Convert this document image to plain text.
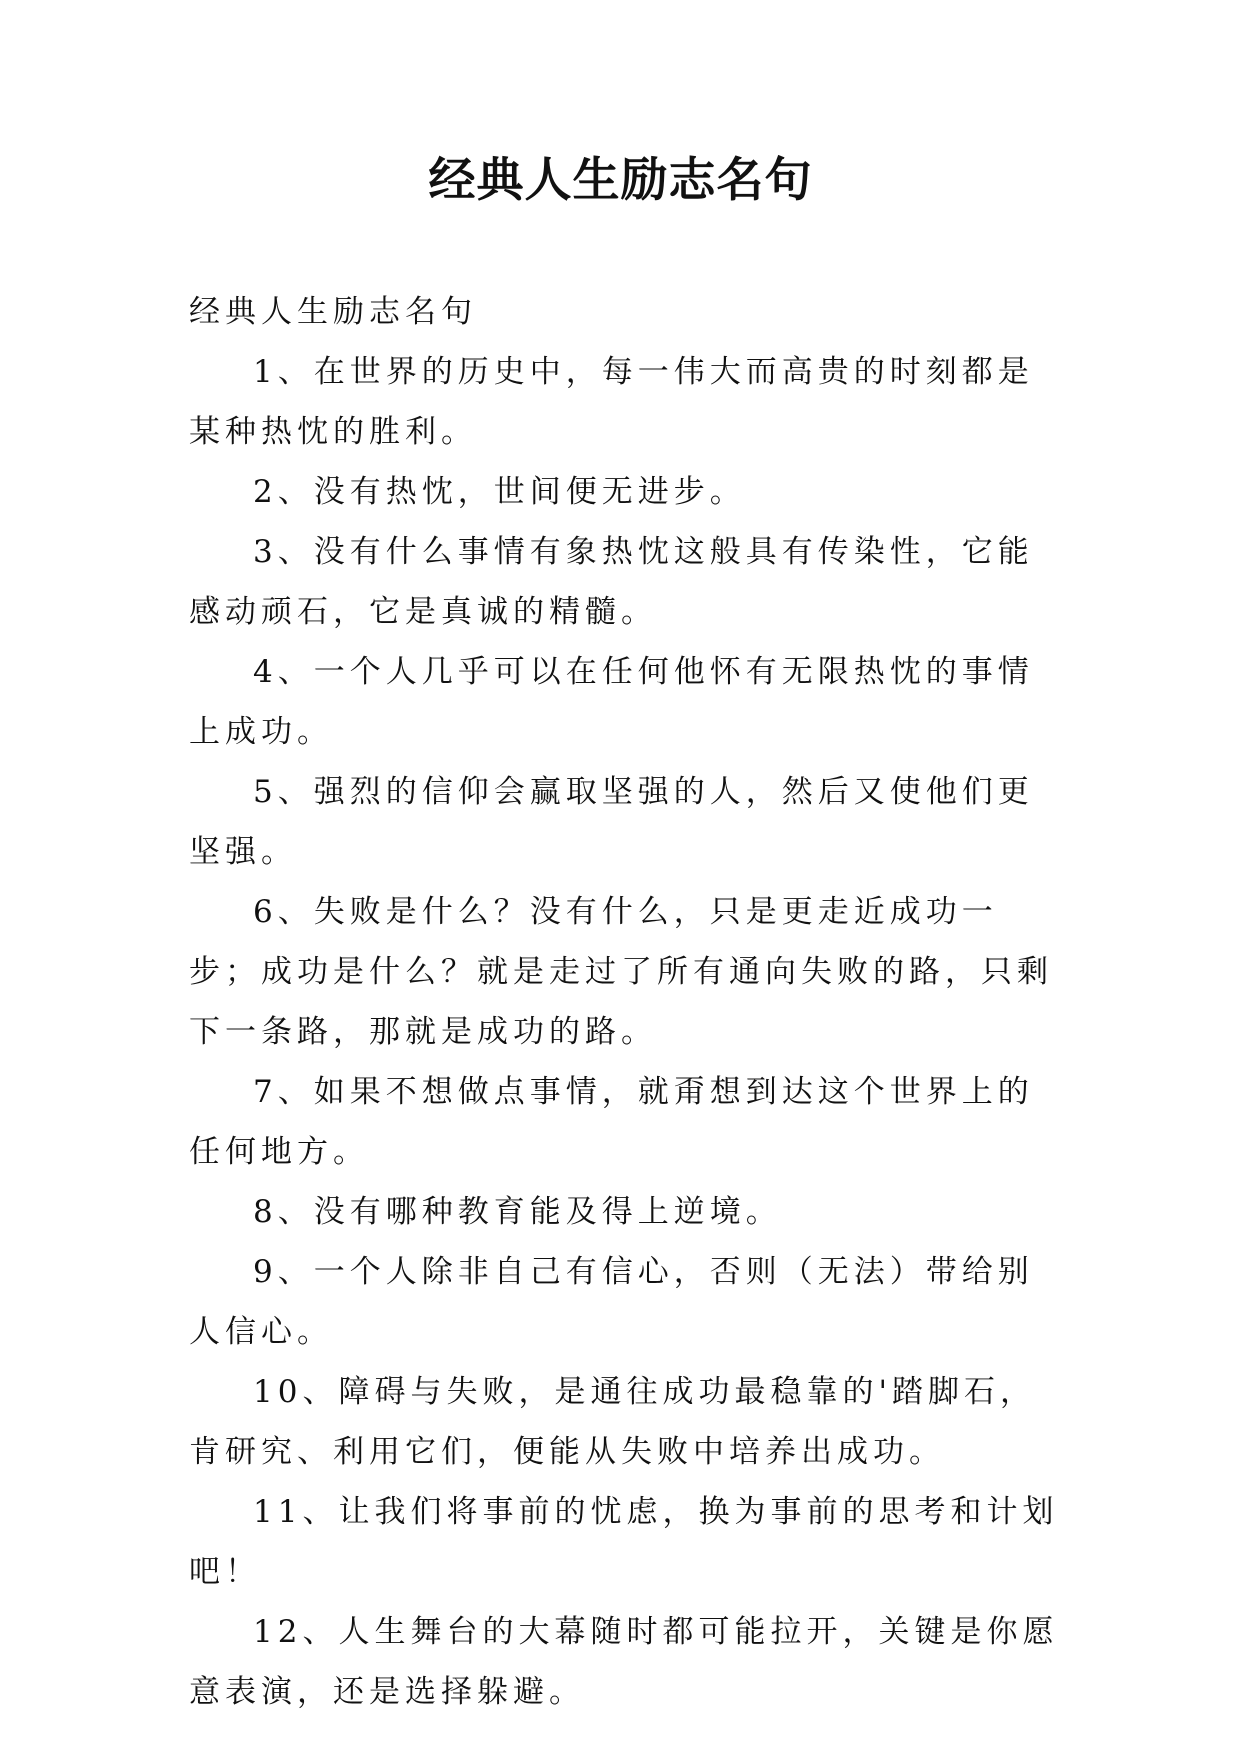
经典人生励志名句

经典人生励志名句

1、在世界的历史中，每一伟大而高贵的时刻都是某种热忱的胜利。

2、没有热忱，世间便无进步。

3、没有什么事情有象热忱这般具有传染性，它能感动顽石，它是真诚的精髓。

4、一个人几乎可以在任何他怀有无限热忱的事情上成功。

5、强烈的信仰会赢取坚强的人，然后又使他们更坚强。

6、失败是什么？没有什么，只是更走近成功一步；成功是什么？就是走过了所有通向失败的路，只剩下一条路，那就是成功的路。

7、如果不想做点事情，就甭想到达这个世界上的任何地方。

8、没有哪种教育能及得上逆境。

9、一个人除非自己有信心，否则（无法）带给别人信心。

10、障碍与失败，是通往成功最稳靠的'踏脚石，肯研究、利用它们，便能从失败中培养出成功。

11、让我们将事前的忧虑，换为事前的思考和计划吧！

12、人生舞台的大幕随时都可能拉开，关键是你愿意表演，还是选择躲避。
